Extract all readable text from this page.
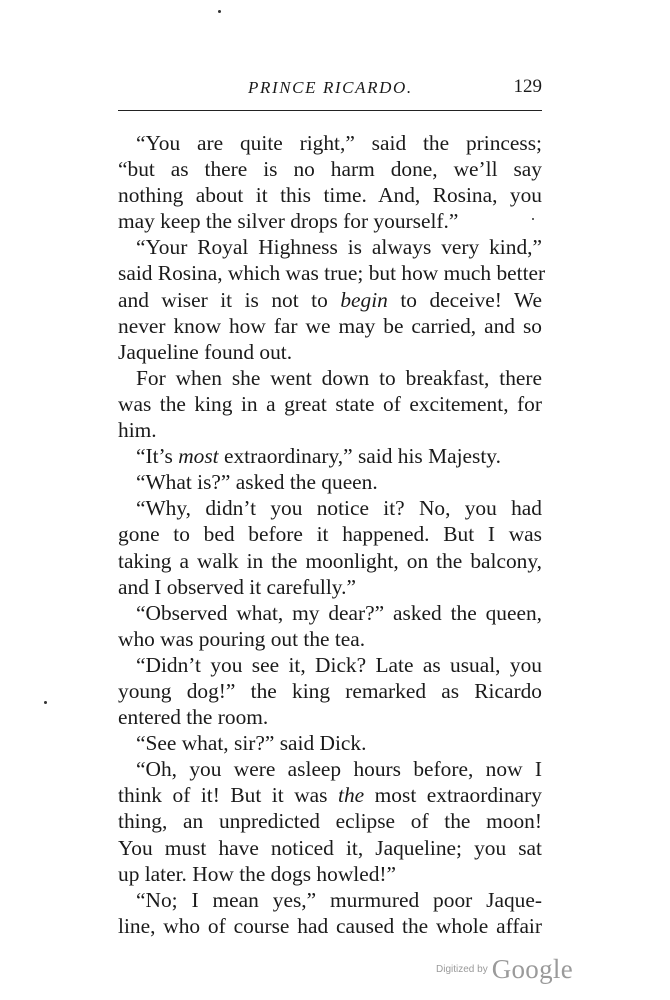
PRINCE RICARDO.	129
“You are quite right,” said the princess;
“but as there is no harm done, we’ll say
nothing about it this time. And, Rosina, you
may keep the silver drops for yourself.”
“Your Royal Highness is always very kind,”
said Rosina, which was true; but how much better
and wiser it is not to begin to deceive! We
never know how far we may be carried, and so
Jaqueline found out.
For when she went down to breakfast, there
was the king in a great state of excitement, for
him.
“It’s most extraordinary,” said his Majesty.
“What is?” asked the queen.
“Why, didn’t you notice it? No, you had
gone to bed before it happened. But I was
taking a walk in the moonlight, on the balcony,
and I observed it carefully.”
“Observed what, my dear?” asked the queen,
who was pouring out the tea.
“Didn’t you see it, Dick? Late as usual, you
young dog!” the king remarked as Ricardo
entered the room.
“See what, sir?” said Dick.
“Oh, you were asleep hours before, now I
think of it! But it was the most extraordinary
thing, an unpredicted eclipse of the moon!
You must have noticed it, Jaqueline; you sat
up later. How the dogs howled!”
“No; I mean yes,” murmured poor Jaque-
line, who of course had caused the whole affair
Digitized by Google
